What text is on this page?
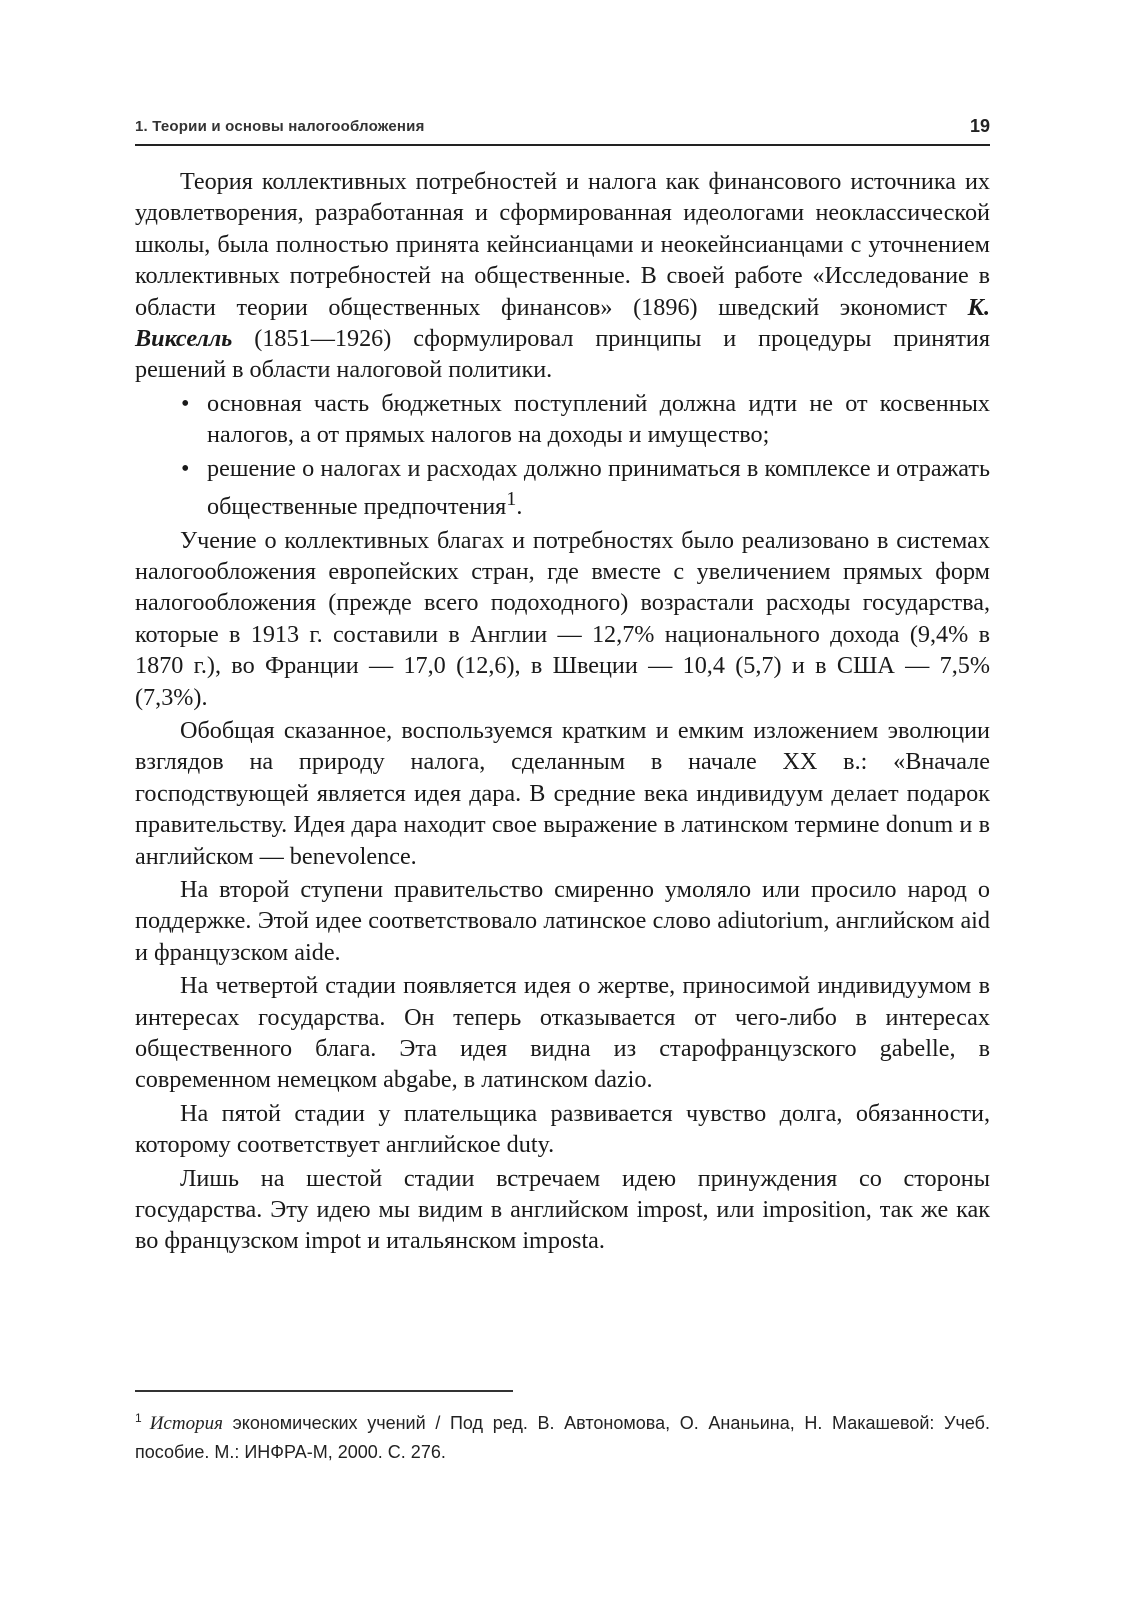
1. Теории и основы налогообложения	19

Теория коллективных потребностей и налога как финансового источника их удовлетворения, разработанная и сформированная идеологами неоклассической школы, была полностью принята кейнсианцами и неокейнсианцами с уточнением коллективных потребностей на общественные. В своей работе «Исследование в области теории общественных финансов» (1896) шведский экономист К. Викселль (1851—1926) сформулировал принципы и процедуры принятия решений в области налоговой политики.

• основная часть бюджетных поступлений должна идти не от косвенных налогов, а от прямых налогов на доходы и имущество;
• решение о налогах и расходах должно приниматься в комплексе и отражать общественные предпочтения$^1$.

Учение о коллективных благах и потребностях было реализовано в системах налогообложения европейских стран, где вместе с увеличением прямых форм налогообложения (прежде всего подоходного) возрастали расходы государства, которые в 1913 г. составили в Англии — 12,7% национального дохода (9,4% в 1870 г.), во Франции — 17,0 (12,6), в Швеции — 10,4 (5,7) и в США — 7,5% (7,3%).

Обобщая сказанное, воспользуемся кратким и емким изложением эволюции взглядов на природу налога, сделанным в начале XX в.: «Вначале господствующей является идея дара. В средние века индивидуум делает подарок правительству. Идея дара находит свое выражение в латинском термине donum и в английском — benevolence.

На второй ступени правительство смиренно умоляло или просило народ о поддержке. Этой идее соответствовало латинское слово adiutorium, английском aid и французском aide.

На четвертой стадии появляется идея о жертве, приносимой индивидуумом в интересах государства. Он теперь отказывается от чего-либо в интересах общественного блага. Эта идея видна из старофранцузского gabelle, в современном немецком abgabe, в латинском dazio.

На пятой стадии у плательщика развивается чувство долга, обязанности, которому соответствует английское duty.

Лишь на шестой стадии встречаем идею принуждения со стороны государства. Эту идею мы видим в английском impost, или imposition, так же как во французском impot и итальянском imposta.

$^1$ История экономических учений / Под ред. В. Автономова, О. Ананьина, Н. Макашевой: Учеб. пособие. М.: ИНФРА-М, 2000. С. 276.
